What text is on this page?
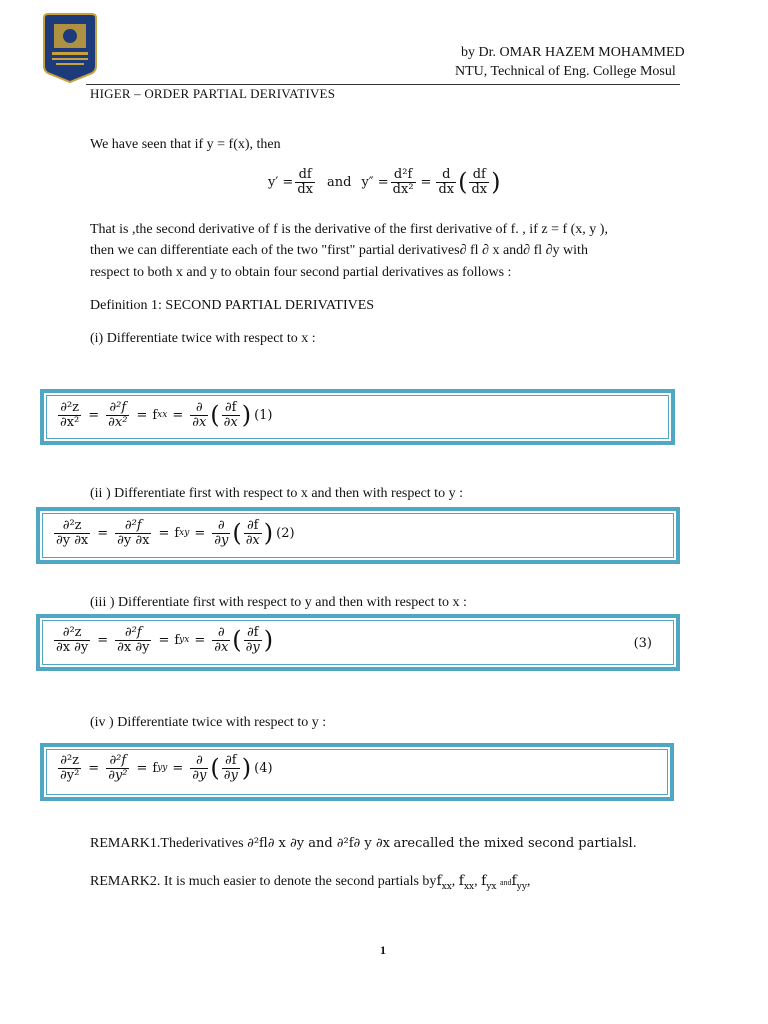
by Dr. OMAR HAZEM MOHAMMED
NTU, Technical of Eng. College Mosul
HIGER – ORDER PARTIAL DERIVATIVES
We have seen that if y = f(x), then
$y' = \frac{df}{dx}$ and $y'' = \frac{\text{d²f}}{\text{dx²}} = \frac{d}{dx}$ ( $\frac{df}{dx}$ )
That is ,the second derivative of f is the derivative of the first derivative of f. , if z = f (x, y ),
then we can differentiate each of the two "first" partial derivatives∂ fl ∂ x and∂ fl ∂y with
respect to both x and y to obtain four second partial derivatives as follows :
Definition 1: SECOND PARTIAL DERIVATIVES
(i) Differentiate twice with respect to x :
$\frac{\text{∂²z}}{\text{∂x²}} = \frac{\text{∂²f}}{\text{∂x²}} = f$ xx = $\frac{\partial}{\partial x}$ ( $\frac{\partial f}{\partial x}$ ) (1)
(ii ) Differentiate first with respect to x and then with respect to y :
$\frac{\text{∂²z}}{\partial y \partial x} = \frac{\text{∂²f}}{\partial y \partial x} = f$ xy = $\frac{\partial}{\partial y}$ ( $\frac{\partial f}{\partial x}$ ) (2)
(iii ) Differentiate first with respect to y and then with respect to x :
$\frac{\text{∂²z}}{\partial x \partial y} = \frac{\text{∂²f}}{\partial x \partial y} = f$ yx = $\frac{\partial}{\partial x}$ ( $\frac{\partial f}{\partial y}$ )	(3)
(iv ) Differentiate twice with respect to y :
$\frac{\text{∂²z}}{\text{∂y²}} = \frac{\text{∂²f}}{\text{∂y²}} = f$ yy = $\frac{\partial}{\partial y}$ ( $\frac{\partial f}{\partial y}$ ) (4)
REMARK1.Thederivatives ∂²fl∂ x ∂y and ∂²f∂ y ∂x arecalled the mixed second partialsl.
REMARK2. It is much easier to denote the second partials byf$_{xx}$, $f_{xx}$, $f_{yx}$ andf$_{yy}$,
1
